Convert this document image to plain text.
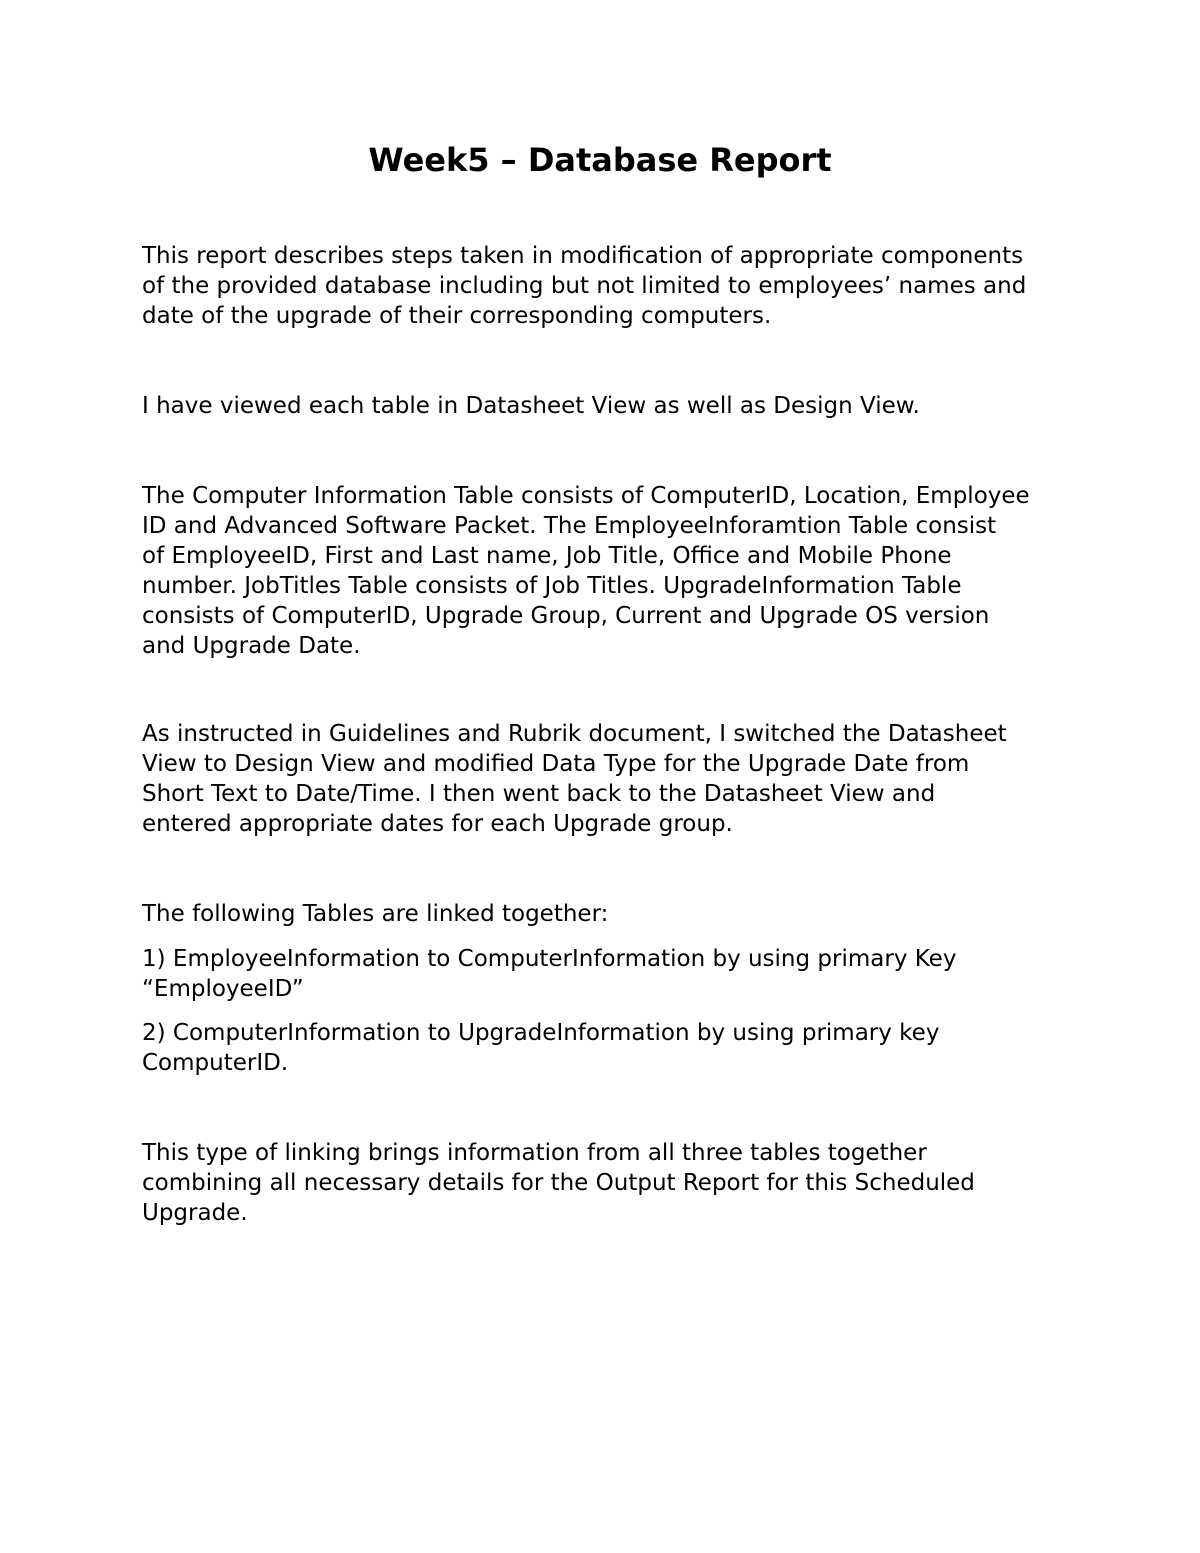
Week5 – Database Report

This report describes steps taken in modification of appropriate components
of the provided database including but not limited to employees’ names and
date of the upgrade of their corresponding computers.

I have viewed each table in Datasheet View as well as Design View.

The Computer Information Table consists of ComputerID, Location, Employee
ID and Advanced Software Packet. The EmployeeInforamtion Table consist
of EmployeeID, First and Last name, Job Title, Office and Mobile Phone
number. JobTitles Table consists of Job Titles. UpgradeInformation Table
consists of ComputerID, Upgrade Group, Current and Upgrade OS version
and Upgrade Date.

As instructed in Guidelines and Rubrik document, I switched the Datasheet
View to Design View and modified Data Type for the Upgrade Date from
Short Text to Date/Time. I then went back to the Datasheet View and
entered appropriate dates for each Upgrade group.

The following Tables are linked together:

1) EmployeeInformation to ComputerInformation by using primary Key
“EmployeeID”

2) ComputerInformation to UpgradeInformation by using primary key
ComputerID.

This type of linking brings information from all three tables together
combining all necessary details for the Output Report for this Scheduled
Upgrade.
